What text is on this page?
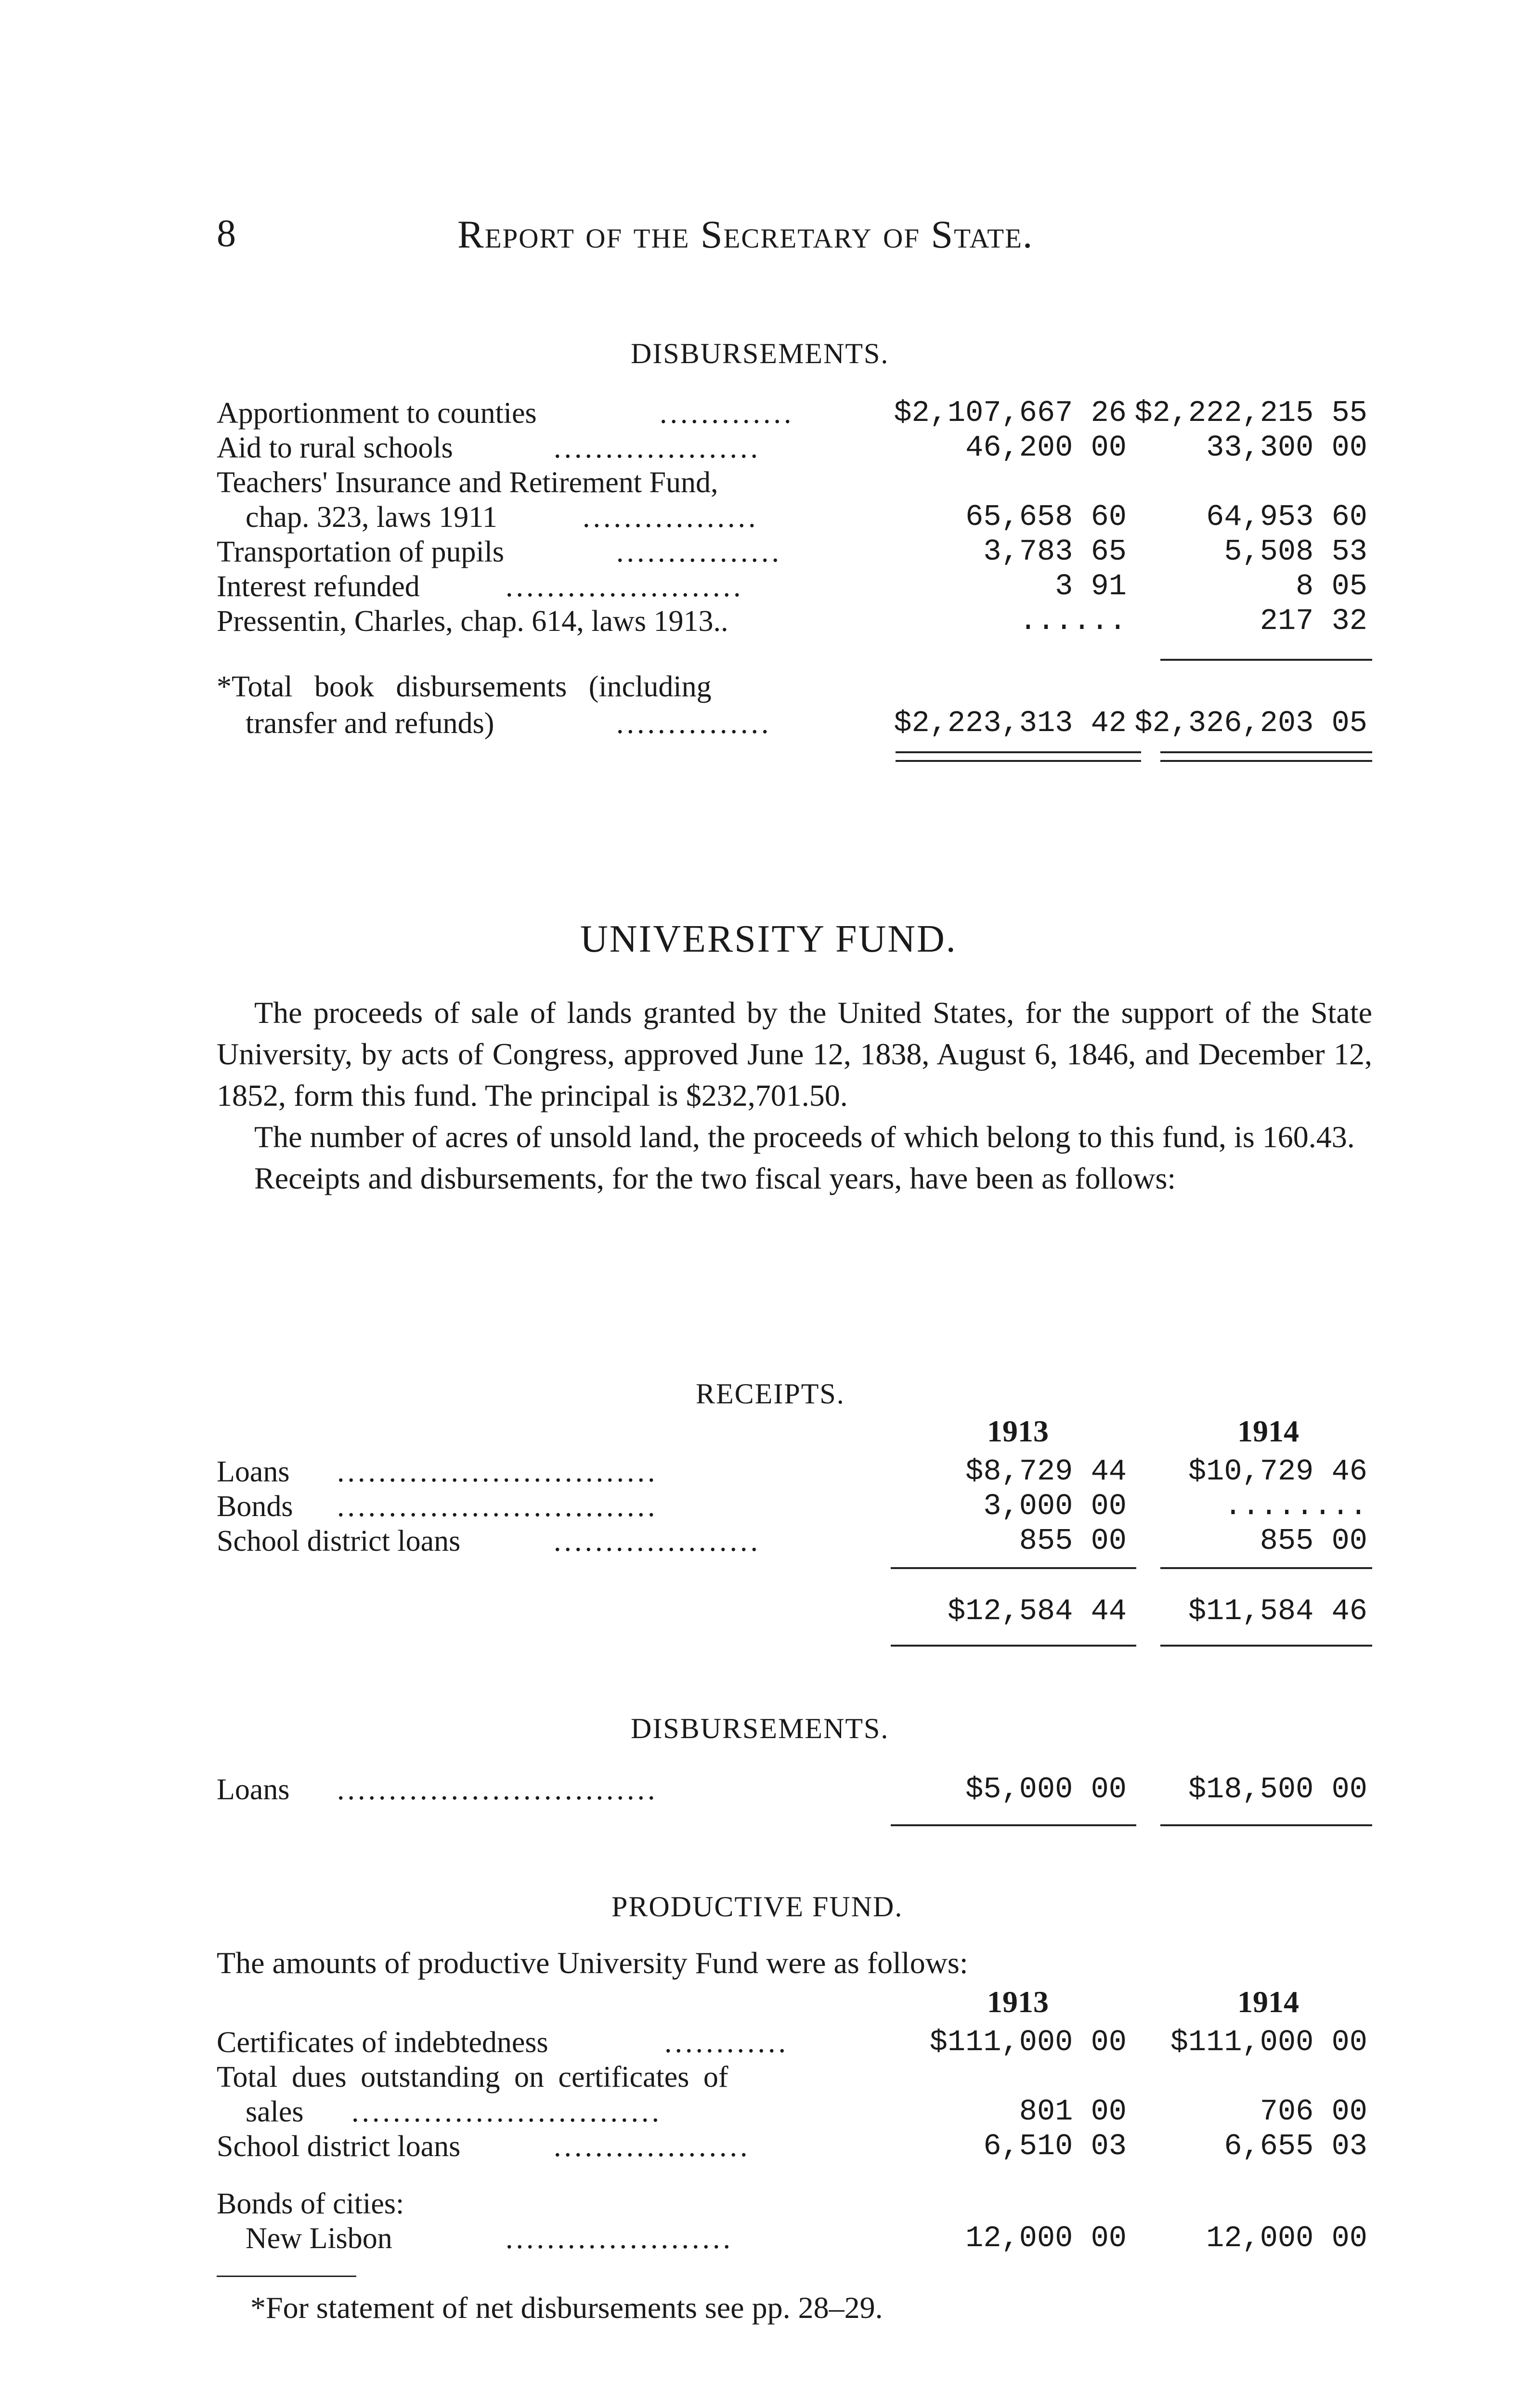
8	Report of the Secretary of State.
DISBURSEMENTS.
Apportionment to counties	.............	$2,107,667 26 $2,222,215 55
Aid to rural schools	....................	46,200 00	33,300 00
Teachers' Insurance and Retirement Fund,
chap. 323, laws 1911	.................	65,658 60	64,953 60
Transportation of pupils	................	3,783 65	5,508 53
Interest refunded	.......................	3 91	8 05
Pressentin, Charles, chap. 614, laws 1913..	......	217 32
*Total book disbursements (including
transfer and refunds)	...............	$2,223,313 42 $2,326,203 05
UNIVERSITY FUND.

The proceeds of sale of lands granted by the United States, for the support of the State University, by acts of Congress, approved June 12, 1838, August 6, 1846, and December 12, 1852, form this fund. The principal is $232,701.50.

The number of acres of unsold land, the proceeds of which belong to this fund, is 160.43.

Receipts and disbursements, for the two fiscal years, have been as follows:

RECEIPTS.
1913	1914
Loans ...............................	$8,729 44	$10,729 46
Bonds ...............................	3,000 00	........
School district loans	....................	855 00	855 00
$12,584 44	$11,584 46
DISBURSEMENTS.
Loans ...............................	$5,000 00	$18,500 00
PRODUCTIVE FUND.
The amounts of productive University Fund were as follows:
1913	1914
Certificates of indebtedness	............	$111,000 00	$111,000 00
Total dues outstanding on certificates of
sales ..............................	801 00	706 00
School district loans	...................	6,510 03	6,655 03
Bonds of cities:
New Lisbon	......................	12,000 00	12,000 00
*For statement of net disbursements see pp. 28–29.
